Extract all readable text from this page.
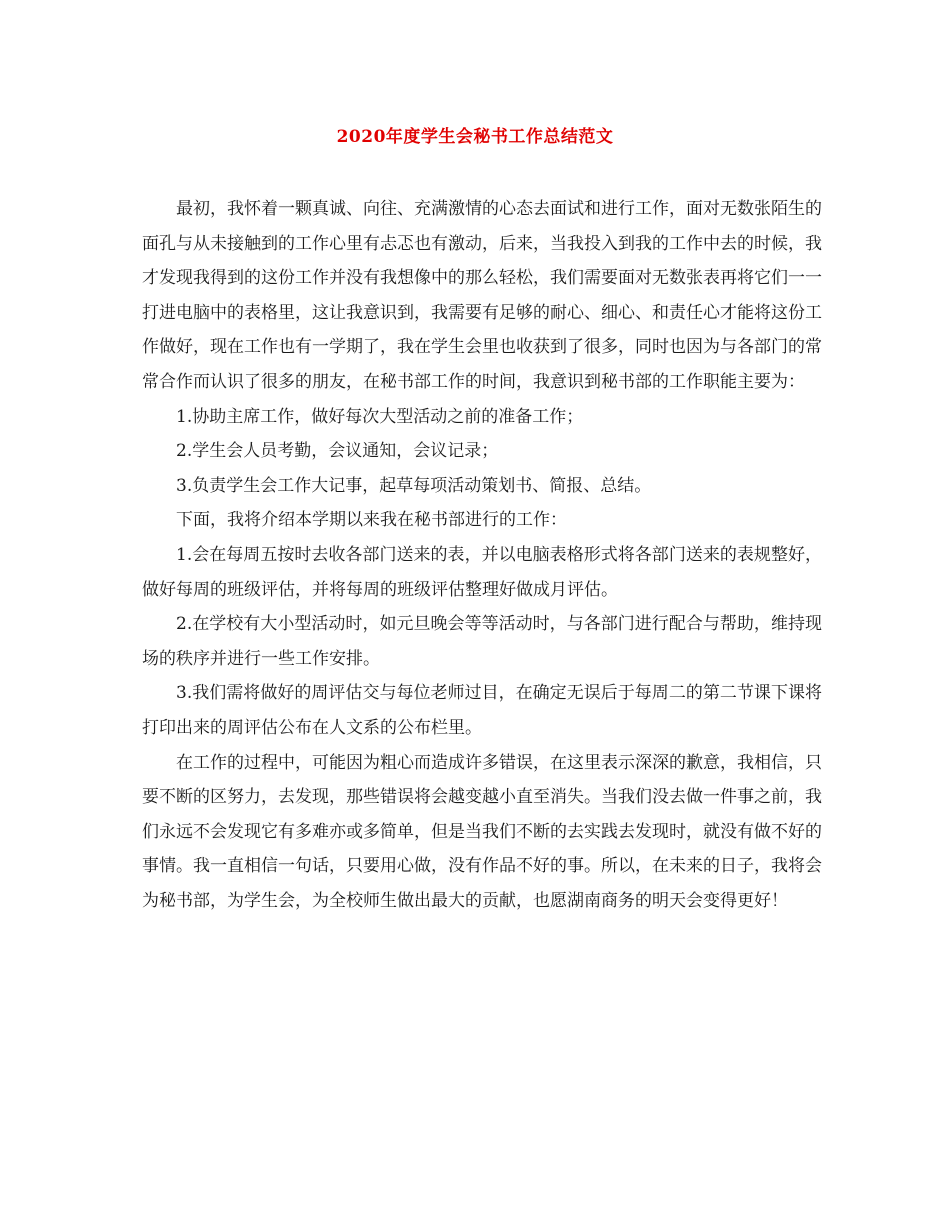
2020年度学生会秘书工作总结范文

最初，我怀着一颗真诚、向往、充满激情的心态去面试和进行工作，面对无数张陌生的面孔与从未接触到的工作心里有忐忑也有激动，后来，当我投入到我的工作中去的时候，我才发现我得到的这份工作并没有我想像中的那么轻松，我们需要面对无数张表再将它们一一打进电脑中的表格里，这让我意识到，我需要有足够的耐心、细心、和责任心才能将这份工作做好，现在工作也有一学期了，我在学生会里也收获到了很多，同时也因为与各部门的常常合作而认识了很多的朋友，在秘书部工作的时间，我意识到秘书部的工作职能主要为：

1.协助主席工作，做好每次大型活动之前的准备工作；

2.学生会人员考勤，会议通知，会议记录；

3.负责学生会工作大记事，起草每项活动策划书、简报、总结。

下面，我将介绍本学期以来我在秘书部进行的工作：

1.会在每周五按时去收各部门送来的表，并以电脑表格形式将各部门送来的表规整好，做好每周的班级评估，并将每周的班级评估整理好做成月评估。

2.在学校有大小型活动时，如元旦晚会等等活动时，与各部门进行配合与帮助，维持现场的秩序并进行一些工作安排。

3.我们需将做好的周评估交与每位老师过目，在确定无误后于每周二的第二节课下课将打印出来的周评估公布在人文系的公布栏里。

在工作的过程中，可能因为粗心而造成许多错误，在这里表示深深的歉意，我相信，只要不断的区努力，去发现，那些错误将会越变越小直至消失。当我们没去做一件事之前，我们永远不会发现它有多难亦或多简单，但是当我们不断的去实践去发现时，就没有做不好的事情。我一直相信一句话，只要用心做，没有作品不好的事。所以，在未来的日子，我将会为秘书部，为学生会，为全校师生做出最大的贡献，也愿湖南商务的明天会变得更好！
